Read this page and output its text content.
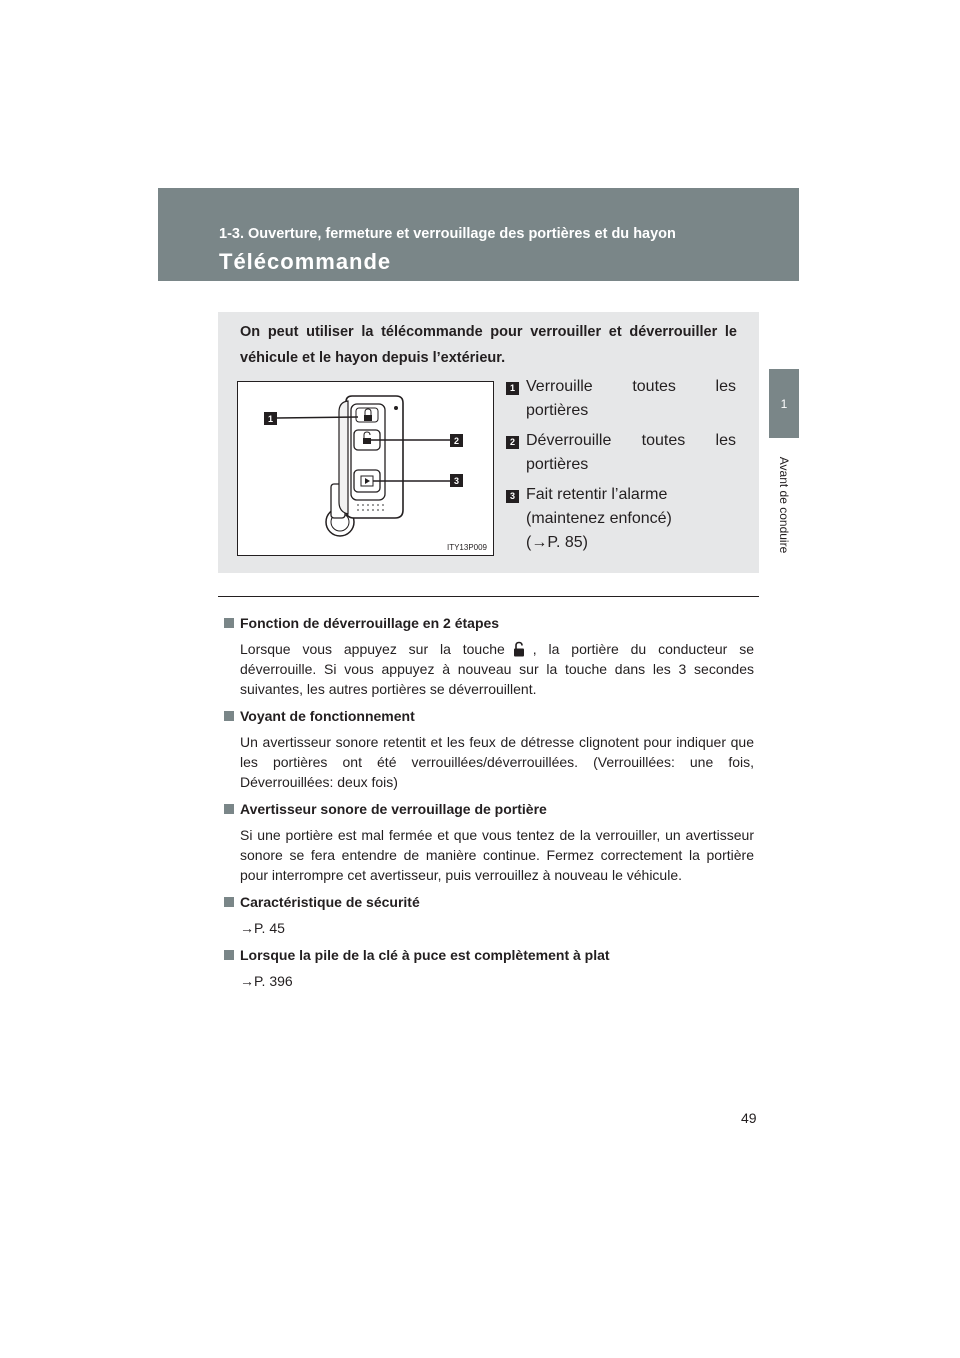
1-3. Ouverture, fermeture et verrouillage des portières et du hayon
Télécommande
1
Avant de conduire
On peut utiliser la télécommande pour verrouiller et déverrouiller le
véhicule et le hayon depuis l’extérieur.
1
2
3
ITY13P009
1 Verrouille toutes les
portières
2 Déverrouille toutes les
portières
3 Fait retentir l’alarme
(maintenez enfoncé)
(→P. 85)

Fonction de déverrouillage en 2 étapes

Lorsque vous appuyez sur la touche , la portière du conducteur se déverrouille. Si vous appuyez à nouveau sur la touche dans les 3 secondes suivantes, les autres portières se déverrouillent.

Voyant de fonctionnement

Un avertisseur sonore retentit et les feux de détresse clignotent pour indiquer que les portières ont été verrouillées/déverrouillées. (Verrouillées: une fois, Déverrouillées: deux fois)

Avertisseur sonore de verrouillage de portière

Si une portière est mal fermée et que vous tentez de la verrouiller, un avertisseur sonore se fera entendre de manière continue. Fermez correctement la portière pour interrompre cet avertisseur, puis verrouillez à nouveau le véhicule.

Caractéristique de sécurité

→P. 45

Lorsque la pile de la clé à puce est complètement à plat

→P. 396

49
